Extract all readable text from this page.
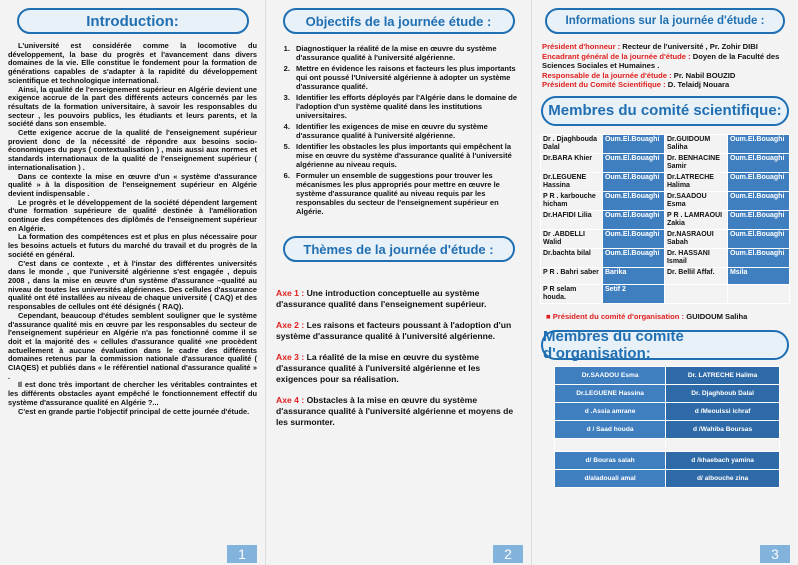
Introduction:

L'université est considérée comme la locomotive du développement, la base du progrès et l'avancement dans divers domaines de la vie. Elle constitue le fondement pour la formation de générations capables de s'adapter à la rapidité du développement scientifique et technologique international.

Ainsi, la qualité de l'enseignement supérieur en Algérie devient une exigence accrue de la part des différents acteurs concernés par les résultats de la formation universitaire, à savoir les responsables du secteur , les pouvoirs publics, les étudiants et leurs parents, et la société dans son ensemble.

Cette exigence accrue de la qualité de l'enseignement supérieur provient donc de la nécessité de répondre aux besoins socio-économiques du pays ( contextualisation ) , mais aussi aux normes et standards internationaux de la qualité de l'enseignement supérieur ( internationalisation ) .

Dans ce contexte la mise en œuvre d'un « système d'assurance qualité » à la disposition de l'enseignement supérieur en Algérie devient indispensable .

Le progrès et le développement de la société dépendent largement d'une formation supérieure de qualité destinée à l'amélioration continue des compétences des diplômés de l'enseignement supérieur en Algérie.

La formation des compétences est et plus en plus nécessaire pour les besoins actuels et futurs du marché du travail et du progrès de la société en général.

C'est dans ce contexte , et à l'instar des différentes universités dans le monde , que l'université algérienne s'est engagée , depuis 2008 , dans la mise en œuvre d'un système d'assurance –qualité au niveau de toutes les universités algériennes. Des cellules d'assurance qualité ont été installées au niveau de chaque université ( CAQ) et des responsables de cellules ont été désignés ( RAQ).

Cependant, beaucoup d'études semblent souligner que le système d'assurance qualité mis en œuvre par les responsables du secteur de l'enseignement supérieur en Algérie n'a pas fonctionné comme il se doit et la majorité des « cellules d'assurance qualité »ne procèdent actuellement à aucune évaluation dans le cadre des différents domaines retenus par la commission nationale d'assurance qualité ( CIAQES) et publiés dans « le référentiel national d'assurance qualité » .

Il est donc très important de chercher les véritables contraintes et les différents obstacles ayant empêché le fonctionnement effectif du système d'assurance qualité en Algérie ?...

C'est en grande partie l'objectif principal de cette journée d'étude.

1
Objectifs de la journée étude :
1. Diagnostiquer la réalité de la mise en œuvre du système d'assurance qualité à l'université algérienne.
2. Mettre en évidence les raisons et facteurs les plus importants qui ont poussé l'Université algérienne à adopter un système d'assurance qualité.
3. Identifier les efforts déployés par l'Algérie dans le domaine de l'adoption d'un système qualité dans les institutions universitaires.
4. Identifier les exigences de mise en œuvre du système d'assurance qualité à l'université algérienne.
5. Identifier les obstacles les plus importants qui empêchent la mise en œuvre du système d'assurance qualité à l'université algérienne au niveau requis.
6. Formuler un ensemble de suggestions pour trouver les mécanismes les plus appropriés pour mettre en œuvre le système d'assurance qualité au niveau requis par les responsables du secteur de l'enseignement supérieur en Algérie.
Thèmes de la journée d'étude :
Axe 1 : Une introduction conceptuelle au système d'assurance qualité dans l'enseignement supérieur.
Axe 2 : Les raisons et facteurs poussant à l'adoption d'un système d'assurance qualité à l'université algérienne.
Axe 3 : La réalité de la mise en œuvre du système d'assurance qualité à l'université algérienne et les exigences pour sa réalisation.
Axe 4 : Obstacles à la mise en œuvre du système d'assurance qualité à l'université algérienne et moyens de les surmonter.
2
Informations sur la journée d'étude :
Président d'honneur : Recteur de l'université , Pr. Zohir DIBI
Encadrant général de la journée d'étude : Doyen de la Faculté des Sciences Sociales et Humaines .
Responsable de la journée d'étude : Pr. Nabil BOUZID
Président du Comité Scientifique : D. Telaidj Nouara
Membres du comité scientifique:
Dr . Djaghbouda Dalal	Oum.El.Bouaghi	Dr.GUIDOUM Saliha	Oum.El.Bouaghi
Dr.BARA Khier	Oum.El.Bouaghi	Dr. BENHACINE Samir	Oum.El.Bouaghi
Dr.LEGUENE Hassina	Oum.El.Bouaghi	Dr.LATRECHE Halima	Oum.El.Bouaghi
P R . karbouche hicham	Oum.El.Bouaghi	Dr.SAADOU Esma	Oum.El.Bouaghi
Dr.HAFIDI Lilia	Oum.El.Bouaghi	P R . LAMRAOUI Zakia	Oum.El.Bouaghi
Dr .ABDELLI Walid	Oum.El.Bouaghi	Dr.NASRAOUI Sabah	Oum.El.Bouaghi
Dr.bachta bilal	Oum.El.Bouaghi	Dr. HASSANI Ismail	Oum.El.Bouaghi
P R . Bahri saber	Barika	Dr. Bellil Affaf.	Msila
P R selam houda.	Setif 2		
■ Président du comité d'organisation : GUIDOUM Saliha
Membres du comité d'organisation:
Dr.SAADOU Esma	Dr. LATRECHE Halima
Dr.LEGUENE Hassina	Dr. Djaghboub Dalal
d .Assia amrane	d /Meouissi ichraf
d / Saad houda	d /Wahiba Boursas

d/ Bouras salah	d /khaebach yamina
d/aladouali amal	d/ albouche zina
3
